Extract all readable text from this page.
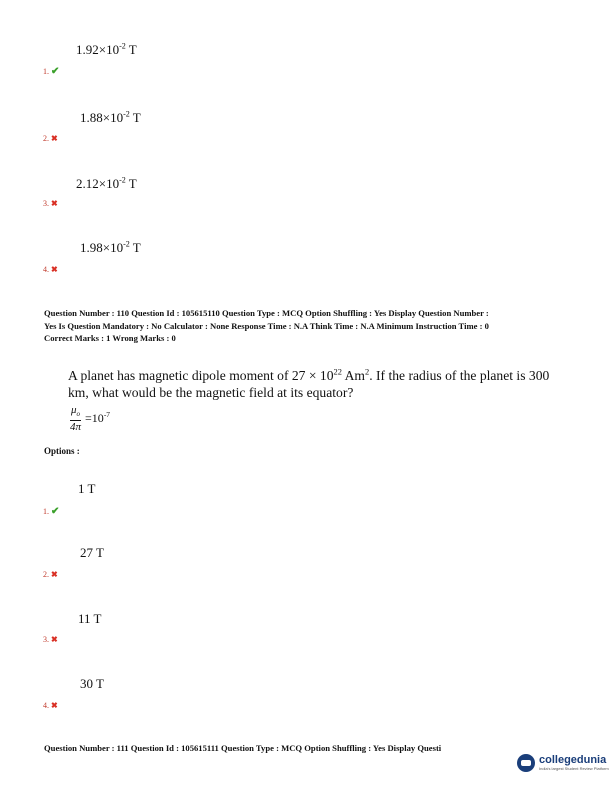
$1.92\times 10^{-2}$ T
1. ✔
$1.88\times 10^{-2}$ T
2. ✖
$2.12\times 10^{-2}$ T
3. ✖
$1.98\times 10^{-2}$ T
4. ✖
Question Number : 110 Question Id : 105615110 Question Type : MCQ Option Shuffling : Yes Display Question Number :
Yes Is Question Mandatory : No Calculator : None Response Time : N.A Think Time : N.A Minimum Instruction Time : 0
Correct Marks : 1 Wrong Marks : 0
A planet has magnetic dipole moment of $27 \times 10^{22}$ Am$^2$. If the radius of the planet is 300 km, what would be the magnetic field at its equator?
$\frac{\mu_o}{4\pi} =10^{-7}$
Options :
1 T
1. ✔
27 T
2. ✖
11 T
3. ✖
30 T
4. ✖
Question Number : 111 Question Id : 105615111 Question Type : MCQ Option Shuffling : Yes Display Questi
collegedunia
India's largest Student Review Platform
